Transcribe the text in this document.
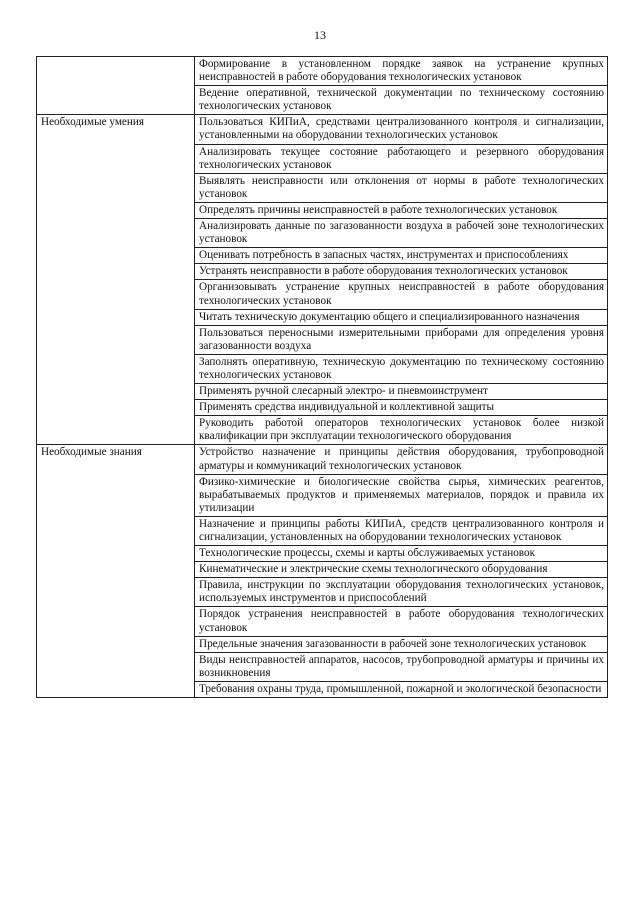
13
	Формирование в установленном порядке заявок на устранение крупных неисправностей в работе оборудования технологических установок
	Ведение оперативной, технической документации по техническому состоянию технологических установок
Необходимые умения	Пользоваться КИПиА, средствами централизованного контроля и сигнализации, установленными на оборудовании технологических установок
	Анализировать текущее состояние работающего и резервного оборудования технологических установок
	Выявлять неисправности или отклонения от нормы в работе технологических установок
	Определять причины неисправностей в работе технологических установок
	Анализировать данные по загазованности воздуха в рабочей зоне технологических установок
	Оценивать потребность в запасных частях, инструментах и приспособлениях
	Устранять неисправности в работе оборудования технологических установок
	Организовывать устранение крупных неисправностей в работе оборудования технологических установок
	Читать техническую документацию общего и специализированного назначения
	Пользоваться переносными измерительными приборами для определения уровня загазованности воздуха
	Заполнять оперативную, техническую документацию по техническому состоянию технологических установок
	Применять ручной слесарный электро- и пневмоинструмент
	Применять средства индивидуальной и коллективной защиты
	Руководить работой операторов технологических установок более низкой квалификации при эксплуатации технологического оборудования
Необходимые знания	Устройство назначение и принципы действия оборудования, трубопроводной арматуры и коммуникаций технологических установок
	Физико-химические и биологические свойства сырья, химических реагентов, вырабатываемых продуктов и применяемых материалов, порядок и правила их утилизации
	Назначение и принципы работы КИПиА, средств централизованного контроля и сигнализации, установленных на оборудовании технологических установок
	Технологические процессы, схемы и карты обслуживаемых установок
	Кинематические и электрические схемы технологического оборудования
	Правила, инструкции по эксплуатации оборудования технологических установок, используемых инструментов и приспособлений
	Порядок устранения неисправностей в работе оборудования технологических установок
	Предельные значения загазованности в рабочей зоне технологических установок
	Виды неисправностей аппаратов, насосов, трубопроводной арматуры и причины их возникновения
	Требования охраны труда, промышленной, пожарной и экологической безопасности
